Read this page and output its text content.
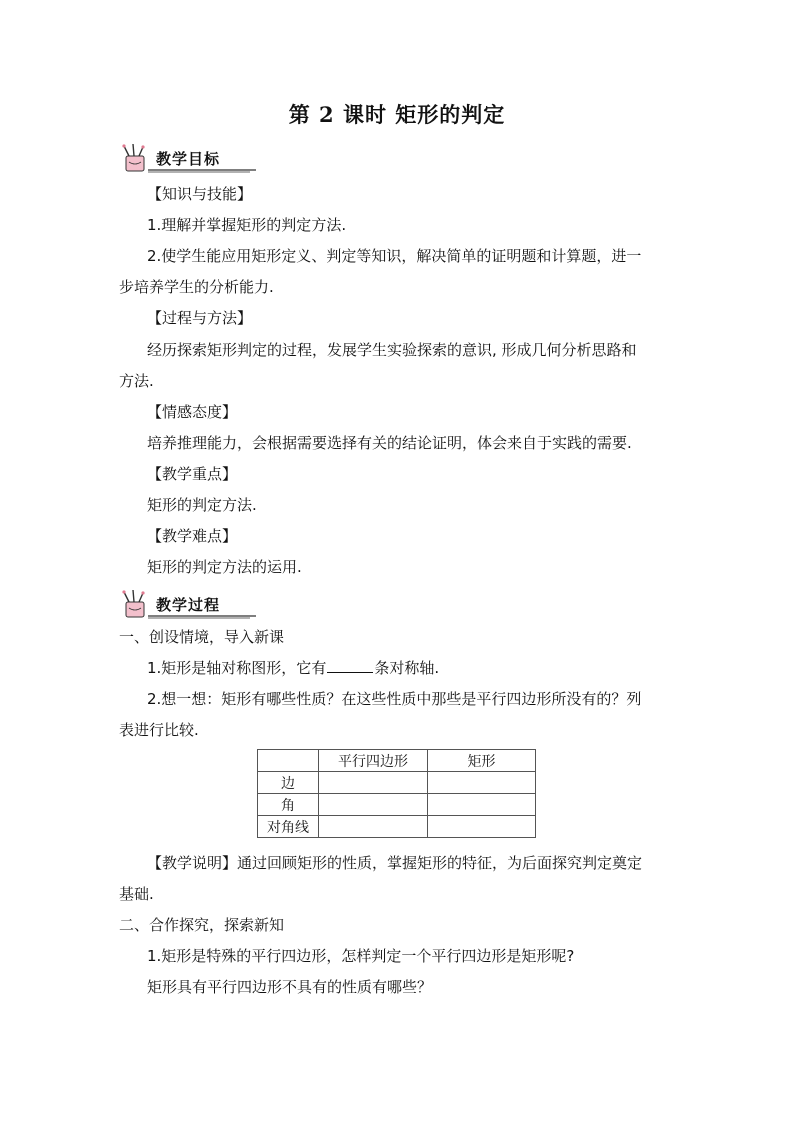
第 2 课时 矩形的判定
教学目标
【知识与技能】
1.理解并掌握矩形的判定方法.
2.使学生能应用矩形定义、判定等知识，解决简单的证明题和计算题，进一
步培养学生的分析能力.
【过程与方法】
经历探索矩形判定的过程，发展学生实验探索的意识, 形成几何分析思路和
方法.
【情感态度】
培养推理能力，会根据需要选择有关的结论证明，体会来自于实践的需要.
【教学重点】
矩形的判定方法.
【教学难点】
矩形的判定方法的运用.
教学过程
一、创设情境，导入新课
1.矩形是轴对称图形，它有	条对称轴.
2.想一想：矩形有哪些性质？在这些性质中那些是平行四边形所没有的？列
表进行比较.
	平行四边形	矩形
边		
角		
对角线		
【教学说明】通过回顾矩形的性质，掌握矩形的特征，为后面探究判定奠定
基础.
二、合作探究，探索新知
1.矩形是特殊的平行四边形，怎样判定一个平行四边形是矩形呢?
矩形具有平行四边形不具有的性质有哪些？
